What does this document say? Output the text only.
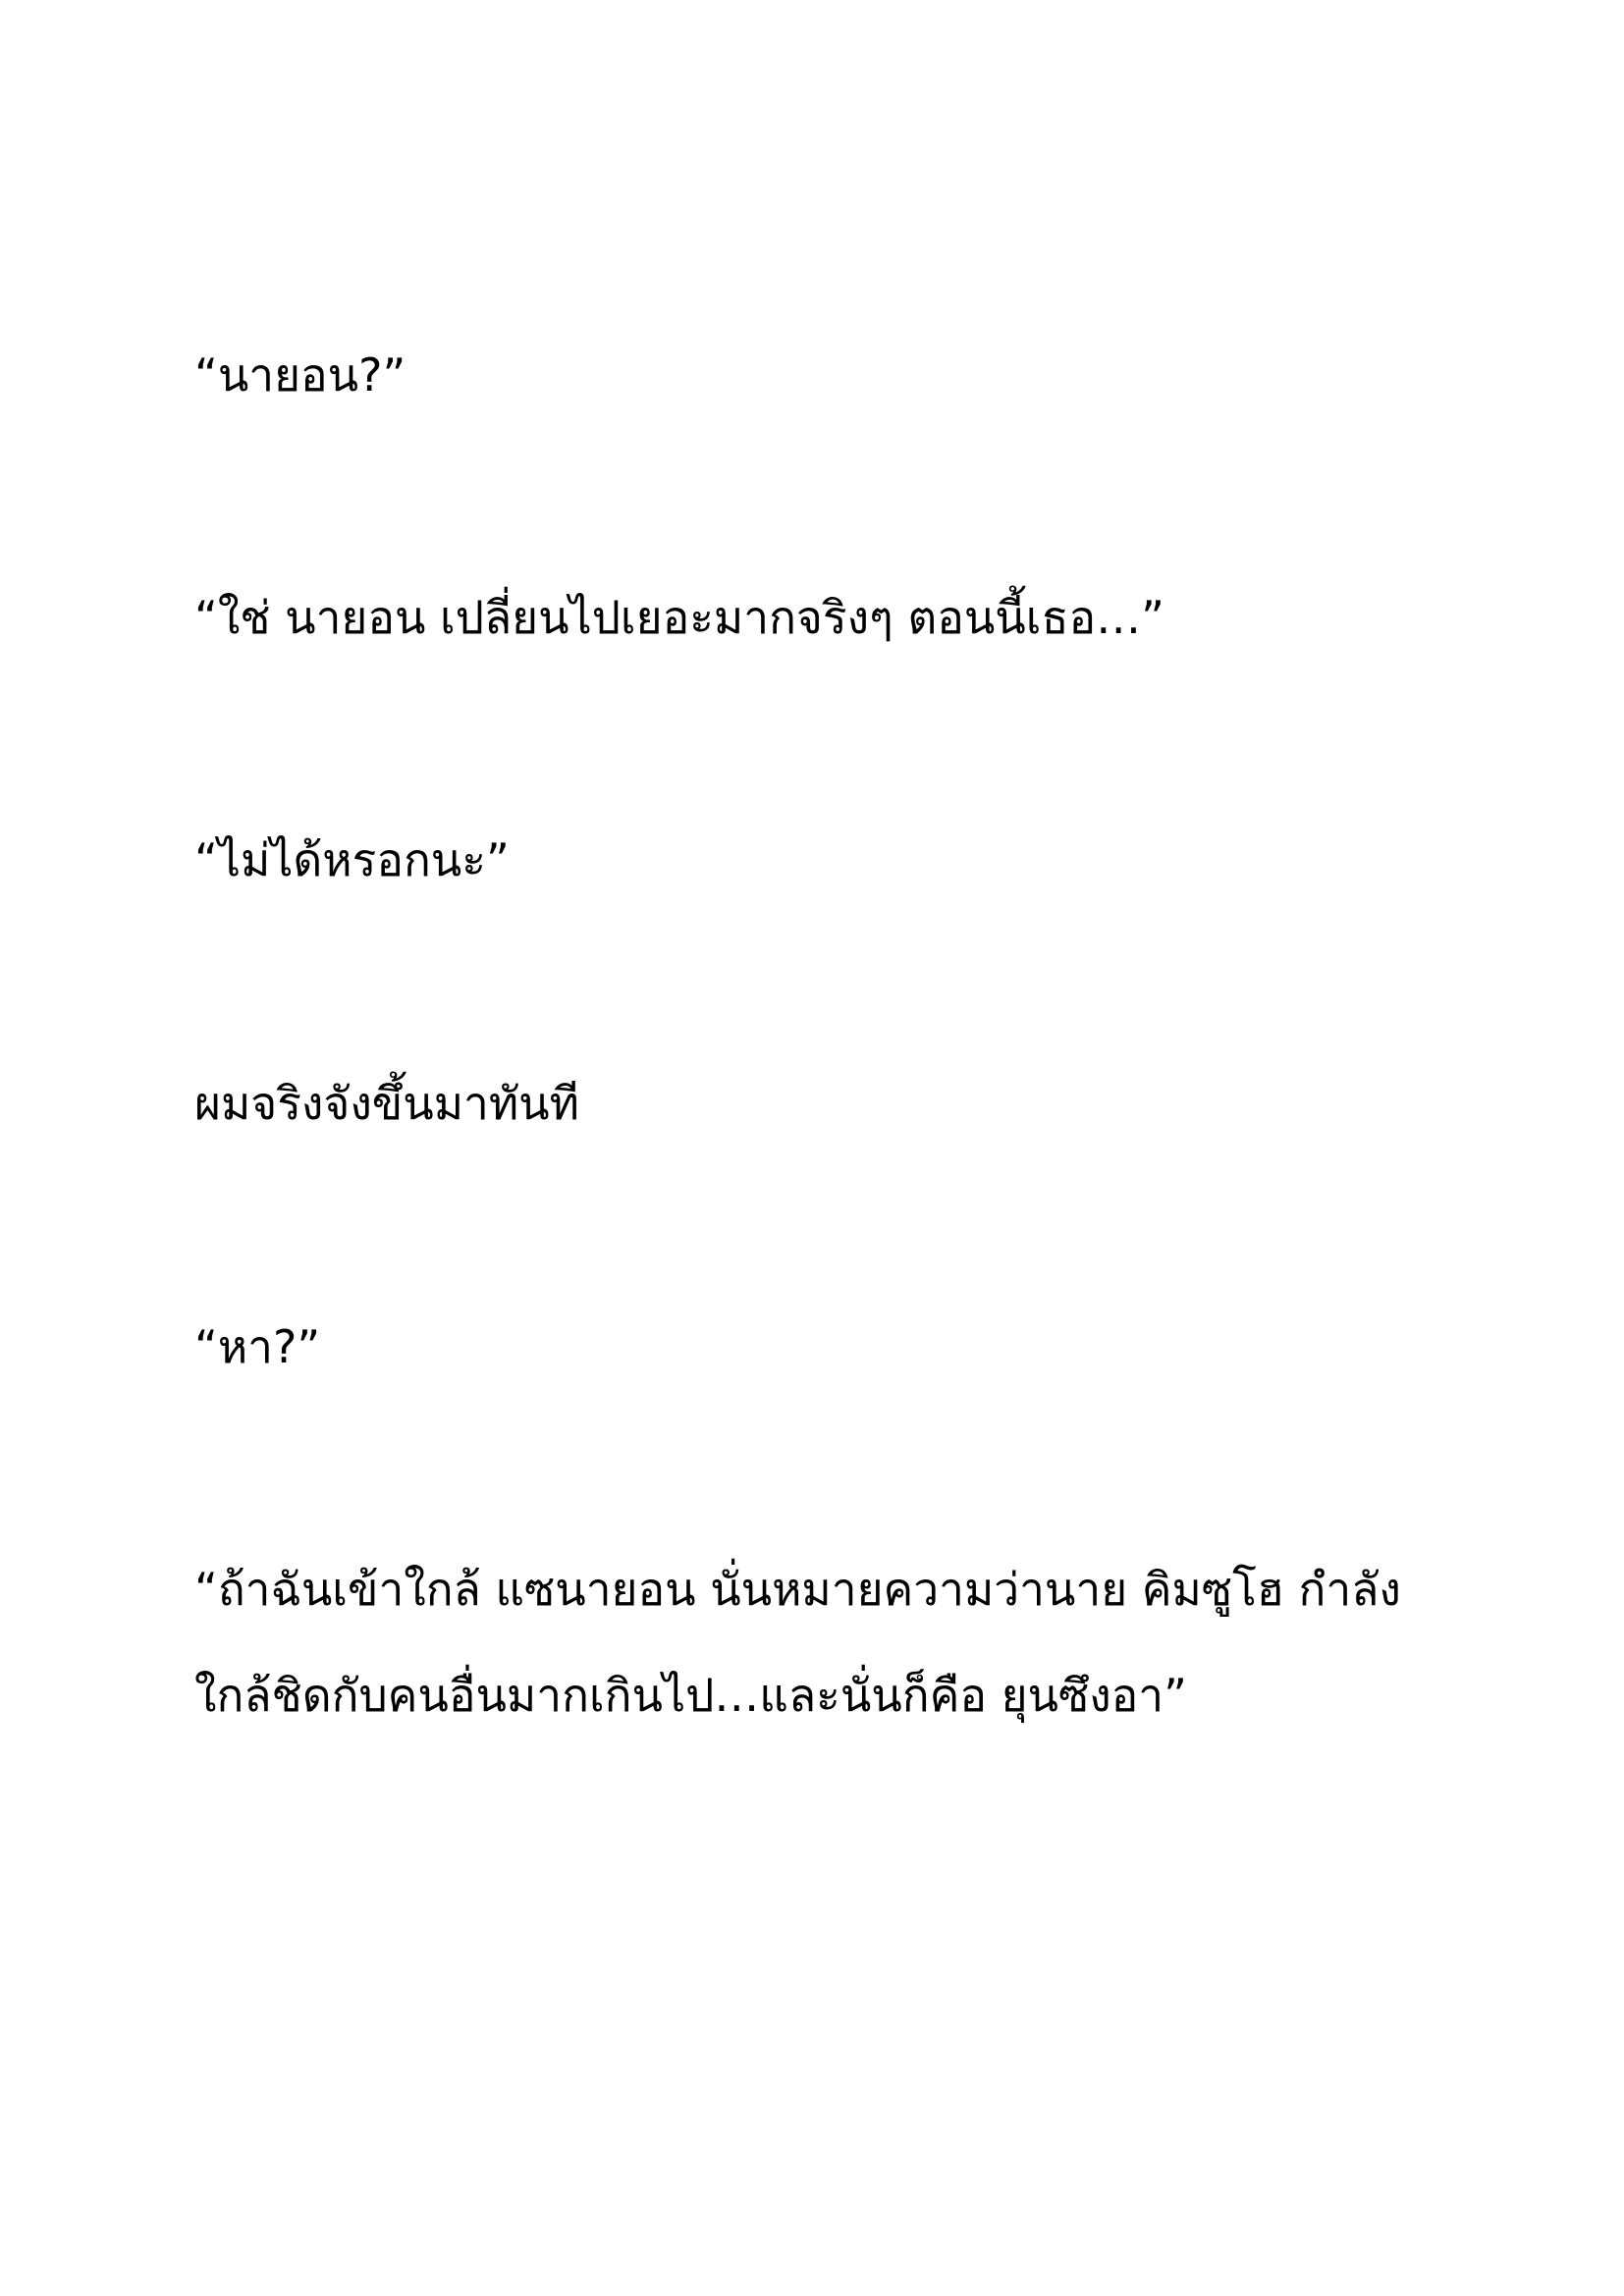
“นายอน?”

“ใช่ นายอน เปลี่ยนไปเยอะมากจริงๆ ตอนนี้เธอ…”

“ไม่ได้หรอกนะ”

ผมจริงจังขึ้นมาทันที

“หา?”

“ถ้าฉันเข้าใกล้ แซนายอน นั่นหมายความว่านาย คิมซูโฮ กำลัง
ใกล้ชิดกับคนอื่นมากเกินไป…และนั่นก็คือ ยุนซึงอา”
